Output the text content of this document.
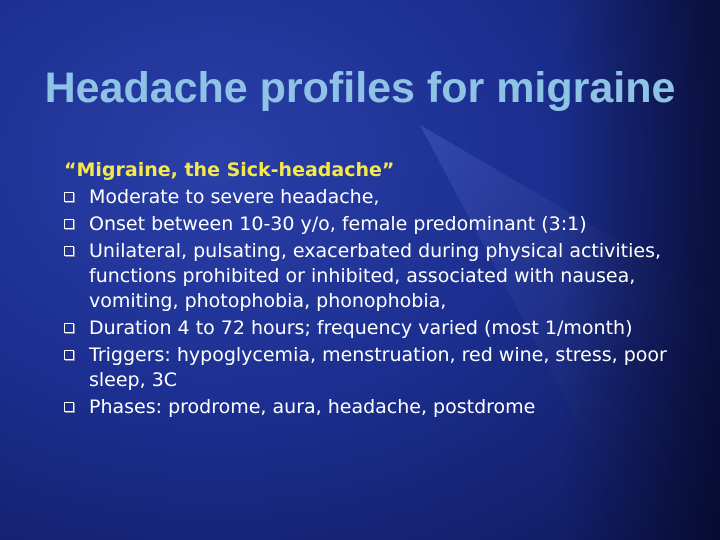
Headache profiles for migraine
“Migraine, the Sick-headache”
Moderate to severe headache,
Onset between 10-30 y/o, female predominant (3:1)
Unilateral, pulsating, exacerbated during physical activities, functions prohibited or inhibited, associated with nausea, vomiting, photophobia, phonophobia,
Duration 4 to 72 hours; frequency varied (most 1/month)
Triggers: hypoglycemia, menstruation, red wine, stress, poor sleep, 3C
Phases: prodrome, aura, headache, postdrome
